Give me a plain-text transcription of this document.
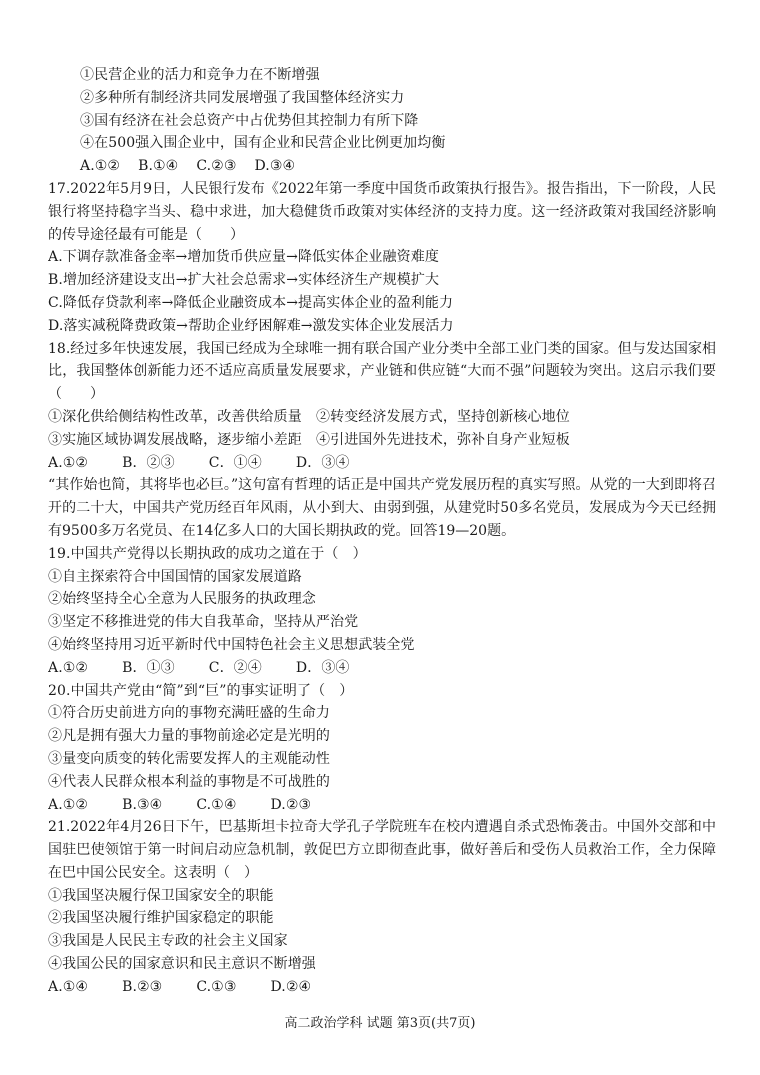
①民营企业的活力和竞争力在不断增强
②多种所有制经济共同发展增强了我国整体经济实力
③国有经济在社会总资产中占优势但其控制力有所下降
④在500强入围企业中，国有企业和民营企业比例更加均衡
A.①② B.①④ C.②③ D.③④
17.2022年5月9日，人民银行发布《2022年第一季度中国货币政策执行报告》。报告指出，下一阶段，人民银行将坚持稳字当头、稳中求进，加大稳健货币政策对实体经济的支持力度。这一经济政策对我国经济影响的传导途径最有可能是（　　）
A.下调存款准备金率→增加货币供应量→降低实体企业融资难度
B.增加经济建设支出→扩大社会总需求→实体经济生产规模扩大
C.降低存贷款利率→降低企业融资成本→提高实体企业的盈利能力
D.落实减税降费政策→帮助企业纾困解难→激发实体企业发展活力
18.经过多年快速发展，我国已经成为全球唯一拥有联合国产业分类中全部工业门类的国家。但与发达国家相比，我国整体创新能力还不适应高质量发展要求，产业链和供应链“大而不强”问题较为突出。这启示我们要（　　）
①深化供给侧结构性改革，改善供给质量 ②转变经济发展方式，坚持创新核心地位
③实施区域协调发展战略，逐步缩小差距 ④引进国外先进技术，弥补自身产业短板
A.①② B．②③ C．①④ D．③④
“其作始也简，其将毕也必巨。”这句富有哲理的话正是中国共产党发展历程的真实写照。从党的一大到即将召开的二十大，中国共产党历经百年风雨，从小到大、由弱到强，从建党时50多名党员，发展成为今天已经拥有9500多万名党员、在14亿多人口的大国长期执政的党。回答19—20题。
19.中国共产党得以长期执政的成功之道在于（　）
①自主探索符合中国国情的国家发展道路
②始终坚持全心全意为人民服务的执政理念
③坚定不移推进党的伟大自我革命，坚持从严治党
④始终坚持用习近平新时代中国特色社会主义思想武装全党
A.①② B．①③ C．②④ D．③④
20.中国共产党由“简”到“巨”的事实证明了（　）
①符合历史前进方向的事物充满旺盛的生命力
②凡是拥有强大力量的事物前途必定是光明的
③量变向质变的转化需要发挥人的主观能动性
④代表人民群众根本利益的事物是不可战胜的
A.①② B.③④ C.①④ D.②③
21.2022年4月26日下午，巴基斯坦卡拉奇大学孔子学院班车在校内遭遇自杀式恐怖袭击。中国外交部和中国驻巴使领馆于第一时间启动应急机制，敦促巴方立即彻查此事，做好善后和受伤人员救治工作，全力保障在巴中国公民安全。这表明（　）
①我国坚决履行保卫国家安全的职能
②我国坚决履行维护国家稳定的职能
③我国是人民民主专政的社会主义国家
④我国公民的国家意识和民主意识不断增强
A.①④ B.②③ C.①③ D.②④
高二政治学科 试题 第3页(共7页)
